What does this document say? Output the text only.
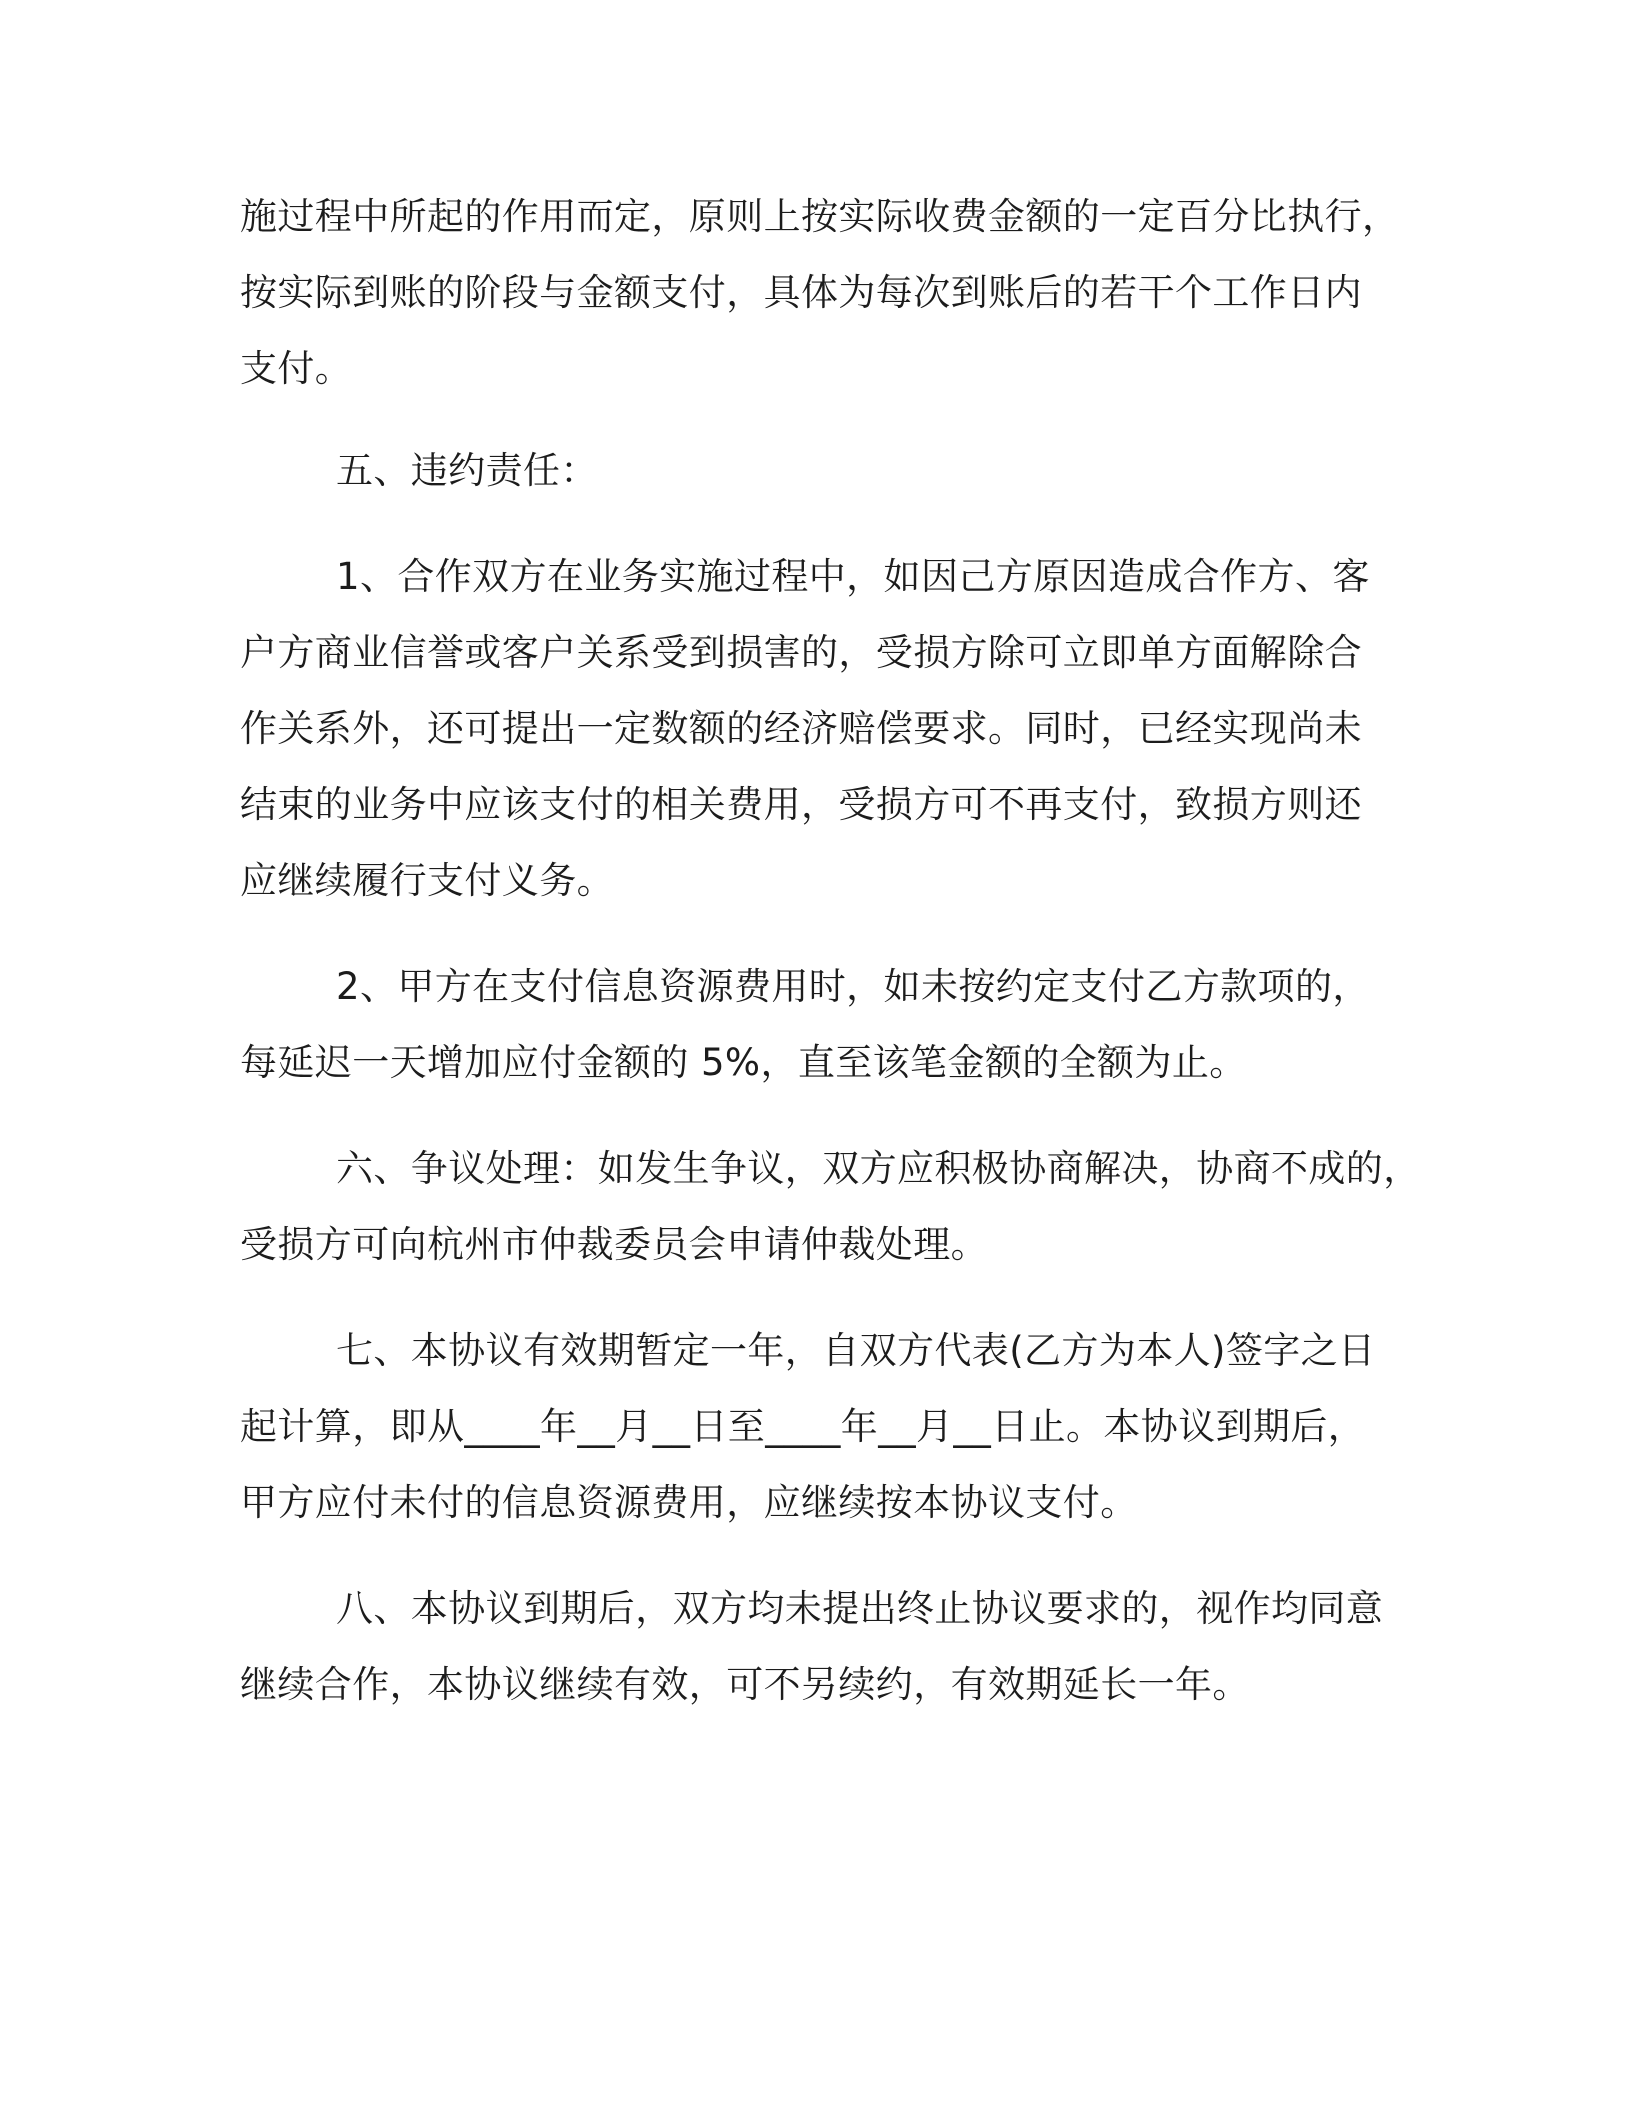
施过程中所起的作用而定，原则上按实际收费金额的一定百分比执行，
按实际到账的阶段与金额支付，具体为每次到账后的若干个工作日内
支付。
五、违约责任：
1、合作双方在业务实施过程中，如因己方原因造成合作方、客
户方商业信誉或客户关系受到损害的，受损方除可立即单方面解除合
作关系外，还可提出一定数额的经济赔偿要求。同时，已经实现尚未
结束的业务中应该支付的相关费用，受损方可不再支付，致损方则还
应继续履行支付义务。
2、甲方在支付信息资源费用时，如未按约定支付乙方款项的，
每延迟一天增加应付金额的 5%，直至该笔金额的全额为止。
六、争议处理：如发生争议，双方应积极协商解决，协商不成的，
受损方可向杭州市仲裁委员会申请仲裁处理。
七、本协议有效期暂定一年，自双方代表(乙方为本人)签字之日
起计算，即从____年__月__日至____年__月__日止。本协议到期后，
甲方应付未付的信息资源费用，应继续按本协议支付。
八、本协议到期后，双方均未提出终止协议要求的，视作均同意
继续合作，本协议继续有效，可不另续约，有效期延长一年。
